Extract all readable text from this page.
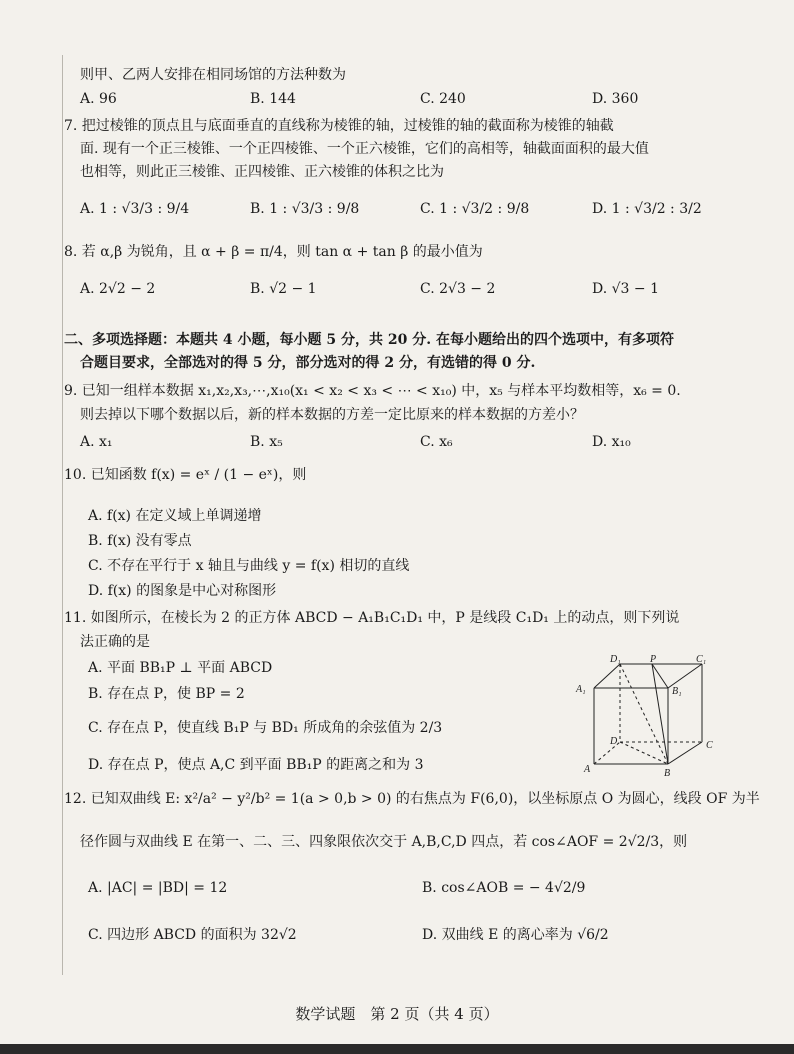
则甲、乙两人安排在相同场馆的方法种数为
7. 把过棱锥的顶点且与底面垂直的直线称为棱锥的轴，过棱锥的轴的截面称为棱锥的轴截
面. 现有一个正三棱锥、一个正四棱锥、一个正六棱锥，它们的高相等，轴截面面积的最大值
也相等，则此正三棱锥、正四棱锥、正六棱锥的体积之比为
8. 若 α,β 为锐角，且 α + β = π/4，则 tan α + tan β 的最小值为
二、多项选择题：本题共 4 小题，每小题 5 分，共 20 分. 在每小题给出的四个选项中，有多项符
合题目要求，全部选对的得 5 分，部分选对的得 2 分，有选错的得 0 分.
9. 已知一组样本数据 x₁,x₂,x₃,⋯,x₁₀(x₁ < x₂ < x₃ < ⋯ < x₁₀) 中，x₅ 与样本平均数相等，x₆ = 0.
则去掉以下哪个数据以后，新的样本数据的方差一定比原来的样本数据的方差小？
10. 已知函数 f(x) = eˣ / (1 − eˣ)，则
A. f(x) 在定义域上单调递增
B. f(x) 没有零点
C. 不存在平行于 x 轴且与曲线 y = f(x) 相切的直线
D. f(x) 的图象是中心对称图形
11. 如图所示，在棱长为 2 的正方体 ABCD − A₁B₁C₁D₁ 中，P 是线段 C₁D₁ 上的动点，则下列说
法正确的是
A. 平面 BB₁P ⊥ 平面 ABCD
B. 存在点 P，使 BP = 2
C. 存在点 P，使直线 B₁P 与 BD₁ 所成角的余弦值为 2/3
D. 存在点 P，使点 A,C 到平面 BB₁P 的距离之和为 3
12. 已知双曲线 E: x²/a² − y²/b² = 1(a > 0,b > 0) 的右焦点为 F(6,0)，以坐标原点 O 为圆心，线段 OF 为半
径作圆与双曲线 E 在第一、二、三、四象限依次交于 A,B,C,D 四点，若 cos∠AOF = 2√2/3，则
A. 96	B. 144	C. 240	D. 360
A. 1 : √3/3 : 9/4	B. 1 : √3/3 : 9/8	C. 1 : √3/2 : 9/8	D. 1 : √3/2 : 3/2
A. 2√2 − 2	B. √2 − 1	C. 2√3 − 2	D. √3 − 1
A. x₁	B. x₅	C. x₆	D. x₁₀
A. |AC| = |BD| = 12	B. cos∠AOB = − 4√2/9
C. 四边形 ABCD 的面积为 32√2	D. 双曲线 E 的离心率为 √6/2
D₁	P	C₁
A₁	B₁
D	C
A	B
数学试题　第 2 页（共 4 页）
